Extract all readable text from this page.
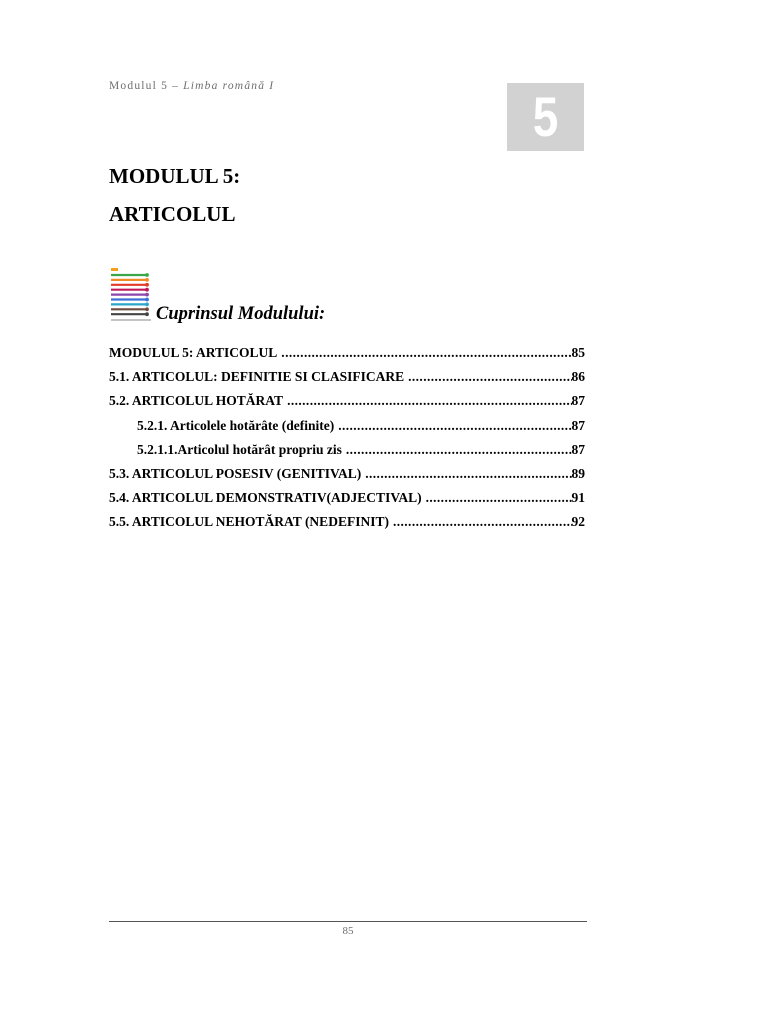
Modulul 5 – Limba română I	5
MODULUL 5:
ARTICOLUL
Cuprinsul Modulului:
MODULUL 5: ARTICOLUL .....	85
5.1. ARTICOLUL: DEFINITIE SI CLASIFICARE .....	86
5.2. ARTICOLUL HOTĂRAT .....	87
5.2.1. Articolele hotărâte (definite) .....	87
5.2.1.1.Articolul hotărât propriu zis .....	87
5.3. ARTICOLUL POSESIV (GENITIVAL) .....	89
5.4. ARTICOLUL DEMONSTRATIV(ADJECTIVAL) .....	91
5.5. ARTICOLUL NEHOTĂRAT (NEDEFINIT) .....	92
85
